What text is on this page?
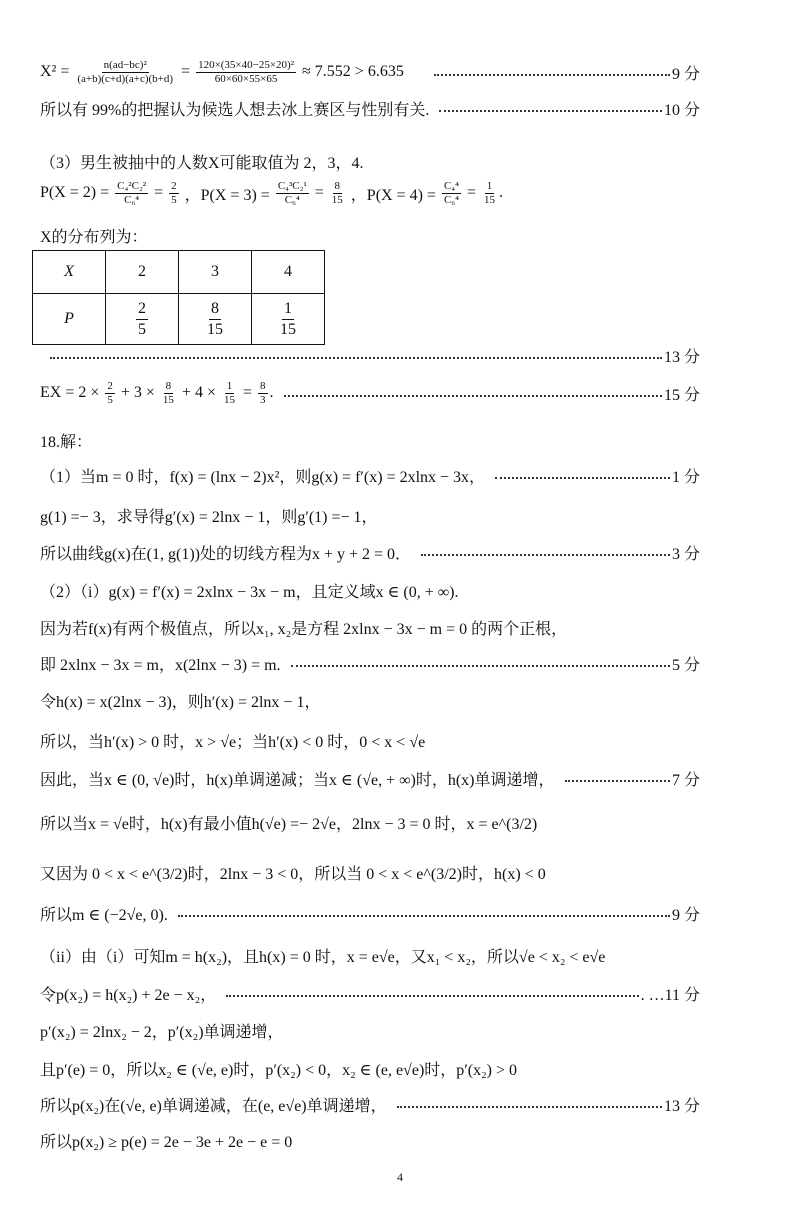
$X^2 = \frac{\text{n(ad−bc)²}}{(a+b)(c+d)(a+c)(b+d)} = \frac{\text{120×(35×40−25×20)²}}{60\times 60\times 55\times 65} \approx 7.552 > 6.635$	9 分
所以有 99%的把握认为候选人想去冰上赛区与性别有关.	10 分
（3）男生被抽中的人数X可能取值为 2，3，4.
$P(X = 2) = \frac{\text{C₄²C₂²}}{\text{C₆⁴}} = \frac{2}{5}$ ，$P(X = 3) = \frac{\text{C₄³C₂¹}}{\text{C₆⁴}} = \frac{8}{15}$ ，$P(X = 4) = \frac{\text{C₄⁴}}{\text{C₆⁴}} = \frac{1}{15}$ .
X的分布列为：
13 分
EX = $2 \times \frac{2}{5} + 3 \times \frac{8}{15} + 4 \times \frac{1}{15} = \frac{8}{3}$ .	15 分
18.解：
（1）当m = 0 时，f(x) = (lnx − 2)x²，则g(x) = f′(x) = 2xlnx − 3x，	1 分
g(1) =− 3，求导得g′(x) = 2lnx − 1，则g′(1) =− 1，
所以曲线g(x)在(1, g(1))处的切线方程为x + y + 2 = 0．	3 分
（2）（i）g(x) = f′(x) = 2xlnx − 3x − m，且定义域x ∈ (0, + ∞).
因为若f(x)有两个极值点，所以x₁, x₂是方程 2xlnx − 3x − m = 0 的两个正根，
即 2xlnx − 3x = m，x(2lnx − 3) = m.	5 分
令h(x) = x(2lnx − 3)，则h′(x) = 2lnx − 1，
所以，当h′(x) > 0 时，x > √e；当h′(x) < 0 时，0 < x < √e
因此，当x ∈ (0, √e)时，h(x)单调递减；当x ∈ (√e, + ∞)时，h(x)单调递增，	7 分
所以当x = √e时，h(x)有最小值h(√e) =− 2√e，2lnx − 3 = 0 时，x = e^(3/2)
又因为 0 < x < e^(3/2)时，2lnx − 3 < 0，所以当 0 < x < e^(3/2)时，h(x) < 0
所以m ∈ (−2√e, 0).	9 分
（ii）由（i）可知m = h(x₂)，且h(x) = 0 时，x = e√e，又x₁ < x₂，所以√e < x₂ < e√e
令p(x₂) = h(x₂) + 2e − x₂，	. …11 分
p′(x₂) = 2lnx₂ − 2，p′(x₂)单调递增，
且p′(e) = 0，所以x₂ ∈ (√e, e)时，p′(x₂) < 0，x₂ ∈ (e, e√e)时，p′(x₂) > 0
所以p(x₂)在(√e, e)单调递减，在(e, e√e)单调递增，	13 分
所以p(x₂) ≥ p(e) = 2e − 3e + 2e − e = 0
X	2	3	4
P	$\frac{2}{5}$	$\frac{8}{15}$	$\frac{1}{15}$
4
